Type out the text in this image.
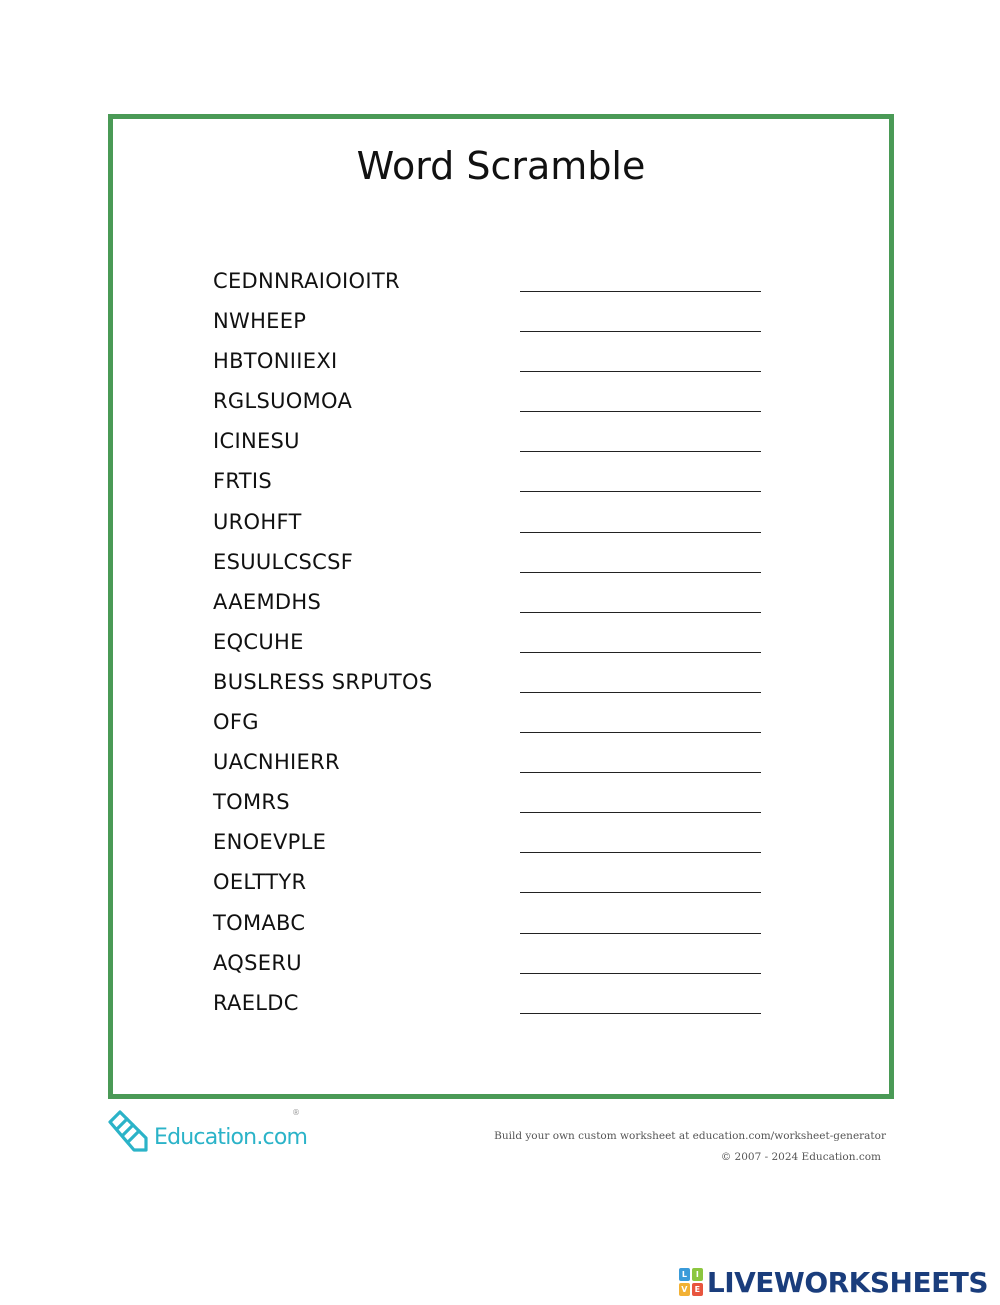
Word Scramble
CEDNNRAIOIOITR
NWHEEP
HBTONIIEXI
RGLSUOMOA
ICINESU
FRTIS
UROHFT
ESUULCSCSF
AAEMDHS
EQCUHE
BUSLRESS SRPUTOS
OFG
UACNHIERR
TOMRS
ENOEVPLE
OELTTYR
TOMABC
AQSERU
RAELDC
Education.com
®
Build your own custom worksheet at education.com/worksheet-generator
© 2007 - 2024 Education.com
L	I
V E LIVEWORKSHEETS
